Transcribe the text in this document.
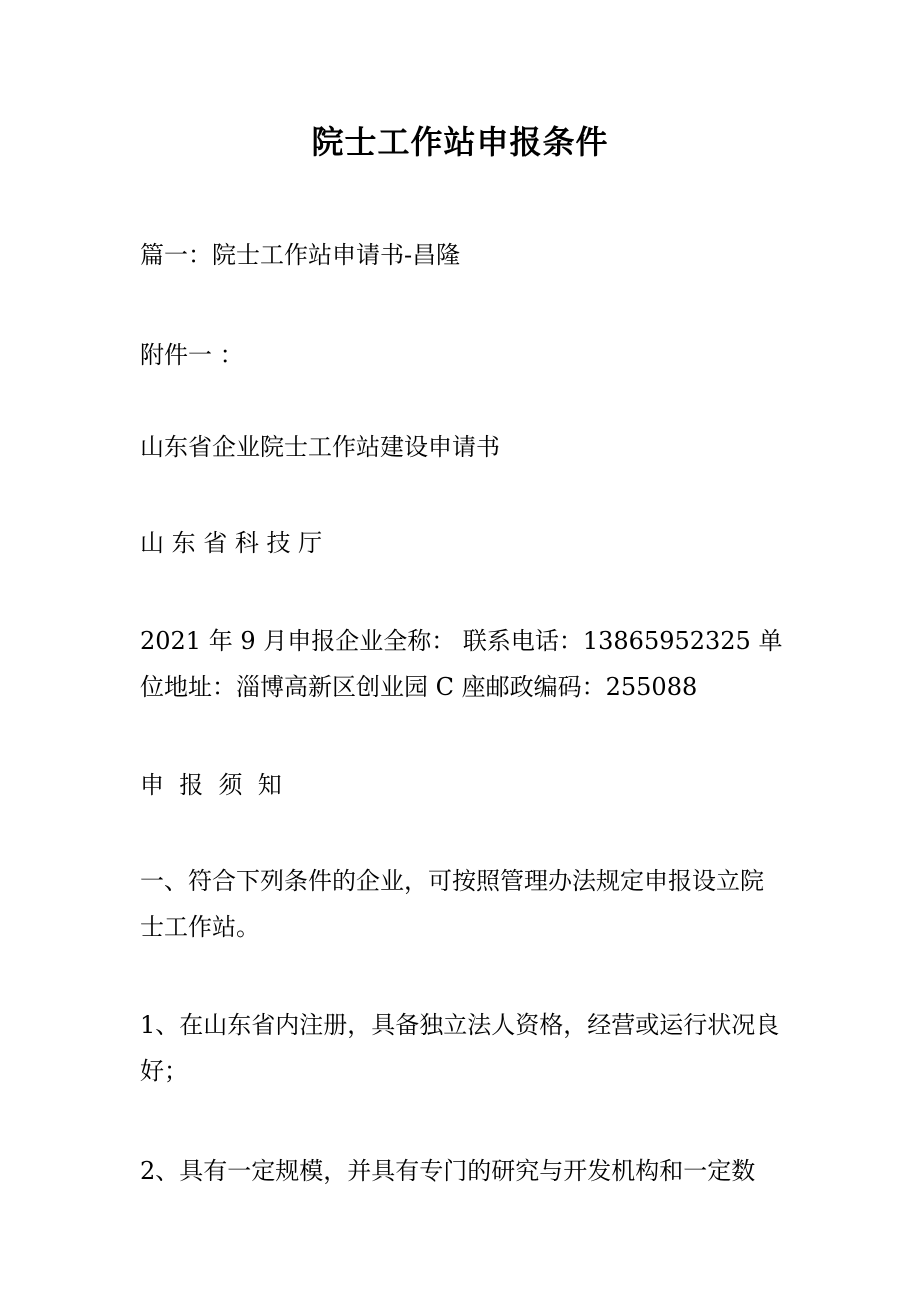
院士工作站申报条件
篇一：院士工作站申请书-昌隆
附件一 ：
山东省企业院士工作站建设申请书
山 东 省 科 技 厅
2021 年 9 月申报企业全称： 联系电话：13865952325 单位地址：淄博高新区创业园 C 座邮政编码：255088
申  报  须  知
一、符合下列条件的企业，可按照管理办法规定申报设立院士工作站。
1、在山东省内注册，具备独立法人资格，经营或运行状况良好；
2、具有一定规模，并具有专门的研究与开发机构和一定数
